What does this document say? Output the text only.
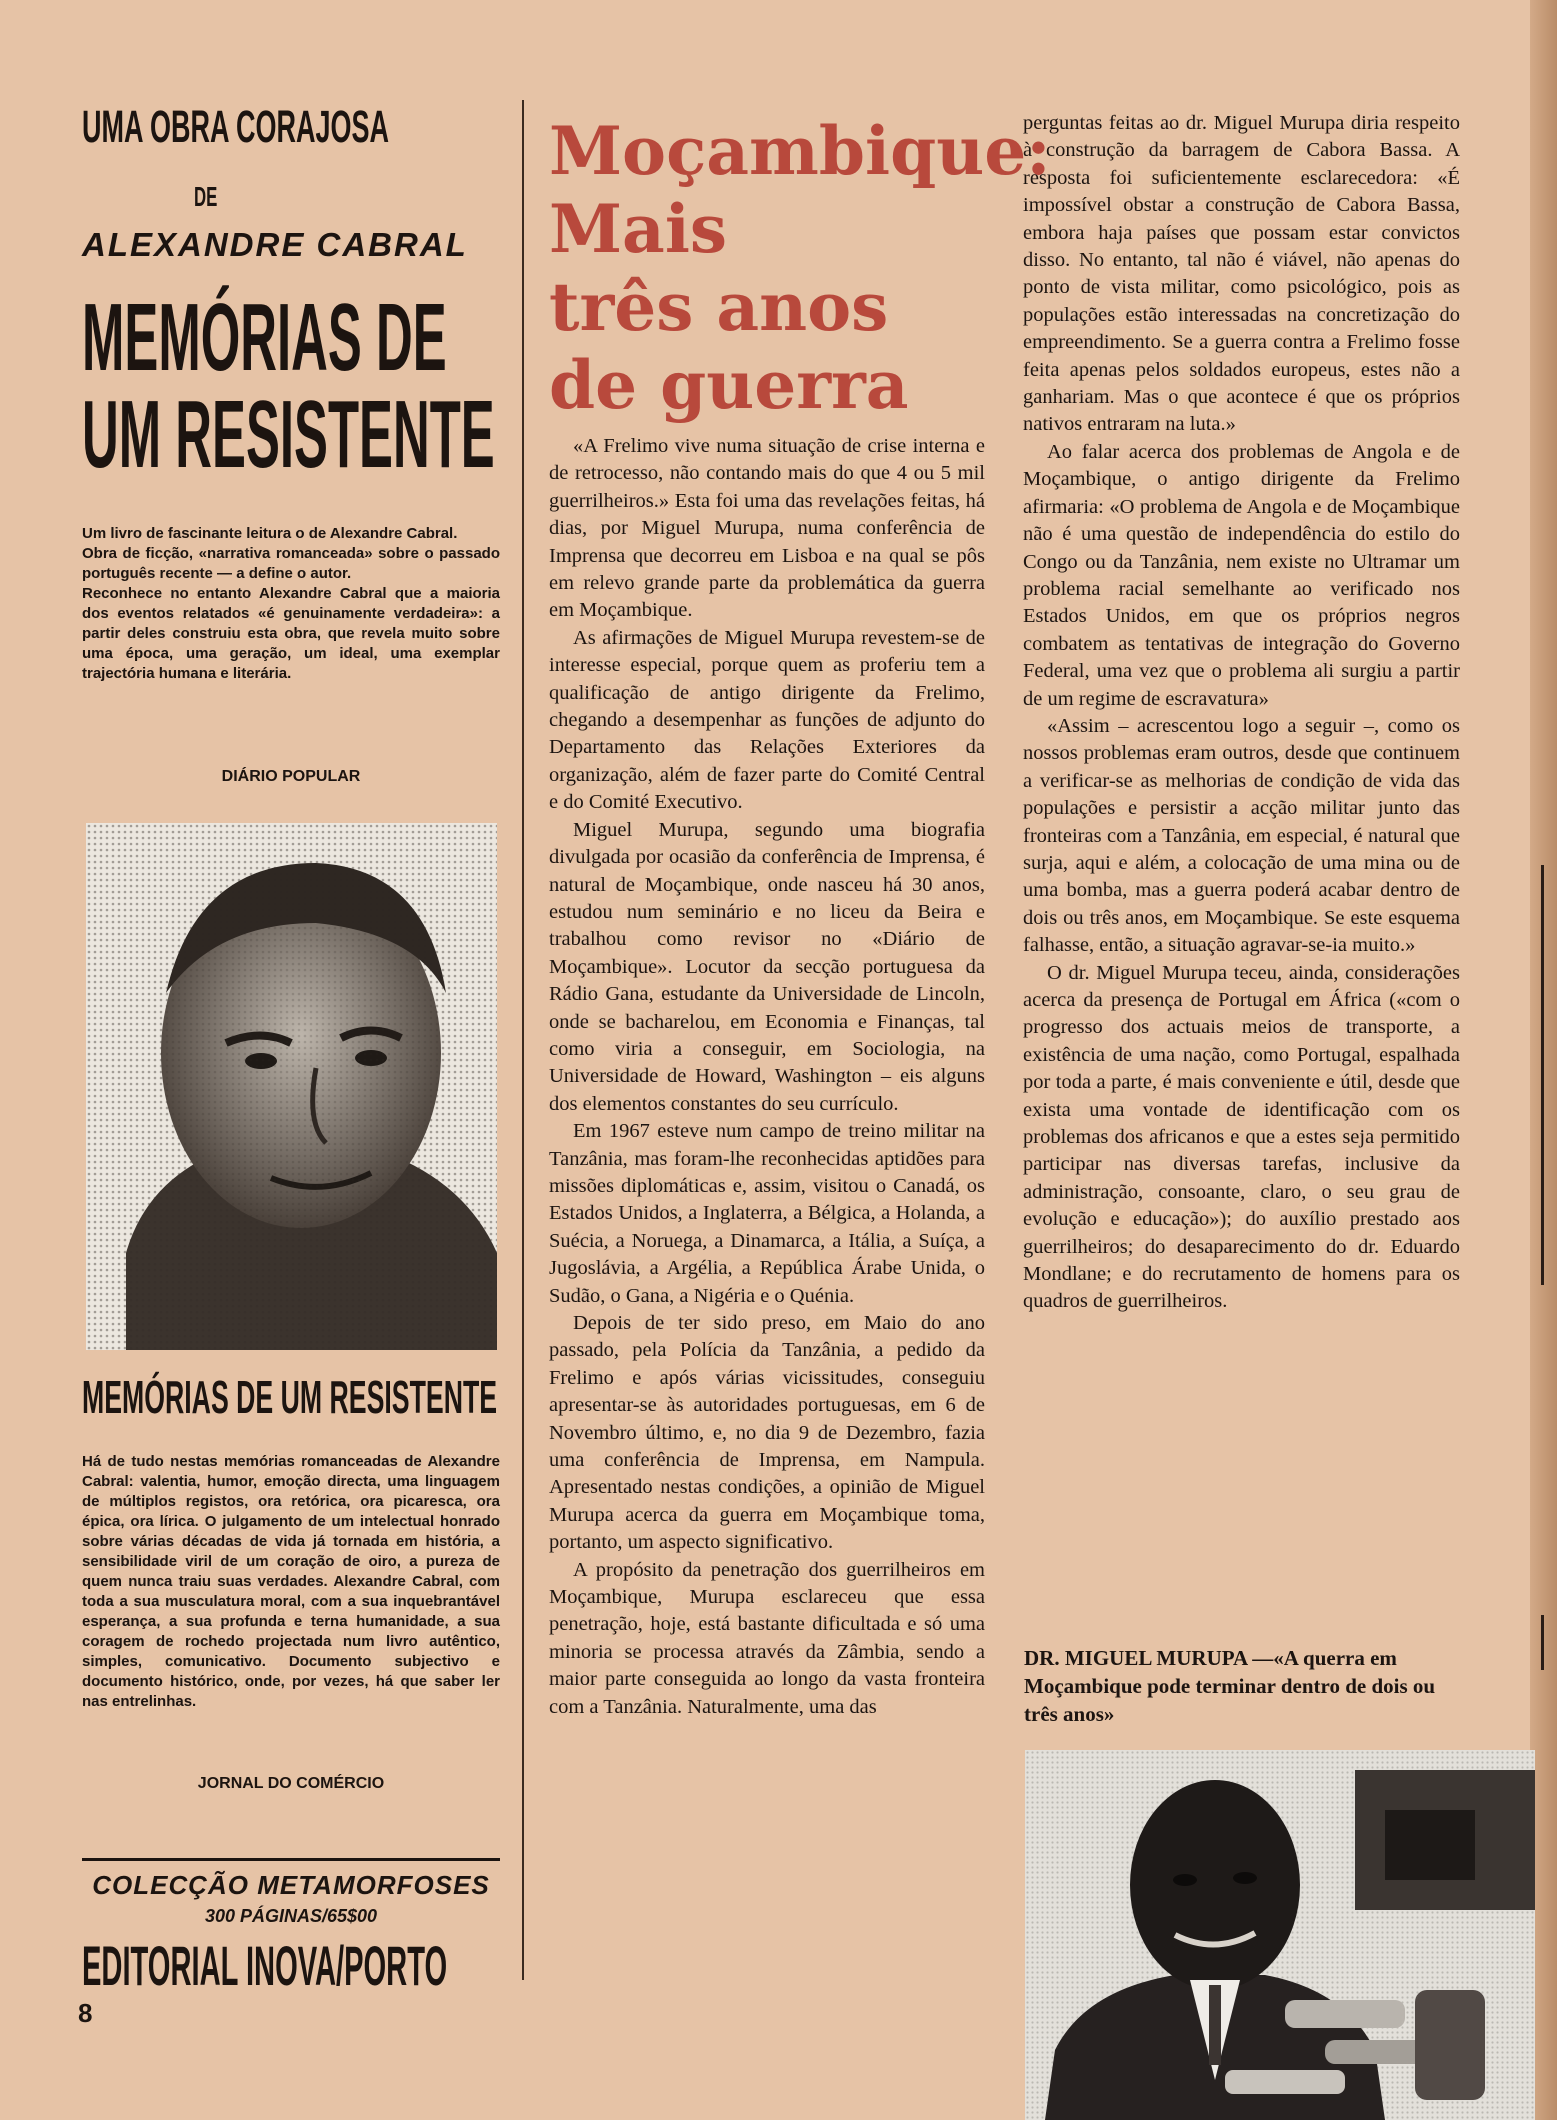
UMA OBRA CORAJOSA
DE
ALEXANDRE CABRAL
MEMÓRIAS DE
UM RESISTENTE

Um livro de fascinante leitura o de Alexandre Cabral.
Obra de ficção, «narrativa romanceada» sobre o passado português recente — a define o autor.
Reconhece no entanto Alexandre Cabral que a maioria dos eventos relatados «é genuinamente verdadeira»: a partir deles construiu esta obra, que revela muito sobre uma época, uma geração, um ideal, uma exemplar trajectória humana e literária.

DIÁRIO POPULAR
MEMÓRIAS DE UM RESISTENTE

Há de tudo nestas memórias romanceadas de Alexandre Cabral: valentia, humor, emoção directa, uma linguagem de múltiplos registos, ora retórica, ora picaresca, ora épica, ora lírica. O julgamento de um intelectual honrado sobre várias décadas de vida já tornada em história, a sensibilidade viril de um coração de oiro, a pureza de quem nunca traiu suas verdades. Alexandre Cabral, com toda a sua musculatura moral, com a sua inquebrantável esperança, a sua profunda e terna humanidade, a sua coragem de rochedo projectada num livro autêntico, simples, comunicativo. Documento subjectivo e documento histórico, onde, por vezes, há que saber ler nas entrelinhas.

JORNAL DO COMÉRCIO
COLECÇÃO METAMORFOSES
300 PÁGINAS/65$00
EDITORIAL INOVA/PORTO
8
Moçambique:
Mais
três anos
de guerra

«A Frelimo vive numa situação de crise interna e de retrocesso, não contando mais do que 4 ou 5 mil guerrilheiros.» Esta foi uma das revelações feitas, há dias, por Miguel Murupa, numa conferência de Imprensa que decorreu em Lisboa e na qual se pôs em relevo grande parte da problemática da guerra em Moçambique.

As afirmações de Miguel Murupa revestem-se de interesse especial, porque quem as proferiu tem a qualificação de antigo dirigente da Frelimo, chegando a desempenhar as funções de adjunto do Departamento das Relações Exteriores da organização, além de fazer parte do Comité Central e do Comité Executivo.

Miguel Murupa, segundo uma biografia divulgada por ocasião da conferência de Imprensa, é natural de Moçambique, onde nasceu há 30 anos, estudou num seminário e no liceu da Beira e trabalhou como revisor no «Diário de Moçambique». Locutor da secção portuguesa da Rádio Gana, estudante da Universidade de Lincoln, onde se bacharelou, em Economia e Finanças, tal como viria a conseguir, em Sociologia, na Universidade de Howard, Washington – eis alguns dos elementos constantes do seu currículo.

Em 1967 esteve num campo de treino militar na Tanzânia, mas foram-lhe reconhecidas aptidões para missões diplomáticas e, assim, visitou o Canadá, os Estados Unidos, a Inglaterra, a Bélgica, a Holanda, a Suécia, a Noruega, a Dinamarca, a Itália, a Suíça, a Jugoslávia, a Argélia, a República Árabe Unida, o Sudão, o Gana, a Nigéria e o Quénia.

Depois de ter sido preso, em Maio do ano passado, pela Polícia da Tanzânia, a pedido da Frelimo e após várias vicissitudes, conseguiu apresentar-se às autoridades portuguesas, em 6 de Novembro último, e, no dia 9 de Dezembro, fazia uma conferência de Imprensa, em Nampula. Apresentado nestas condições, a opinião de Miguel Murupa acerca da guerra em Moçambique toma, portanto, um aspecto significativo.

A propósito da penetração dos guerrilheiros em Moçambique, Murupa esclareceu que essa penetração, hoje, está bastante dificultada e só uma minoria se processa através da Zâmbia, sendo a maior parte conseguida ao longo da vasta fronteira com a Tanzânia. Naturalmente, uma das

perguntas feitas ao dr. Miguel Murupa diria respeito à construção da barragem de Cabora Bassa. A resposta foi suficientemente esclarecedora: «É impossível obstar a construção de Cabora Bassa, embora haja países que possam estar convictos disso. No entanto, tal não é viável, não apenas do ponto de vista militar, como psicológico, pois as populações estão interessadas na concretização do empreendimento. Se a guerra contra a Frelimo fosse feita apenas pelos soldados europeus, estes não a ganhariam. Mas o que acontece é que os próprios nativos entraram na luta.»

Ao falar acerca dos problemas de Angola e de Moçambique, o antigo dirigente da Frelimo afirmaria: «O problema de Angola e de Moçambique não é uma questão de independência do estilo do Congo ou da Tanzânia, nem existe no Ultramar um problema racial semelhante ao verificado nos Estados Unidos, em que os próprios negros combatem as tentativas de integração do Governo Federal, uma vez que o problema ali surgiu a partir de um regime de escravatura»

«Assim – acrescentou logo a seguir –, como os nossos problemas eram outros, desde que continuem a verificar-se as melhorias de condição de vida das populações e persistir a acção militar junto das fronteiras com a Tanzânia, em especial, é natural que surja, aqui e além, a colocação de uma mina ou de uma bomba, mas a guerra poderá acabar dentro de dois ou três anos, em Moçambique. Se este esquema falhasse, então, a situação agravar-se-ia muito.»

O dr. Miguel Murupa teceu, ainda, considerações acerca da presença de Portugal em África («com o progresso dos actuais meios de transporte, a existência de uma nação, como Portugal, espalhada por toda a parte, é mais conveniente e útil, desde que exista uma vontade de identificação com os problemas dos africanos e que a estes seja permitido participar nas diversas tarefas, inclusive da administração, consoante, claro, o seu grau de evolução e educação»); do auxílio prestado aos guerrilheiros; do desaparecimento do dr. Eduardo Mondlane; e do recrutamento de homens para os quadros de guerrilheiros.

DR. MIGUEL MURUPA —«A querra em Moçambique pode terminar dentro de dois ou três anos»
